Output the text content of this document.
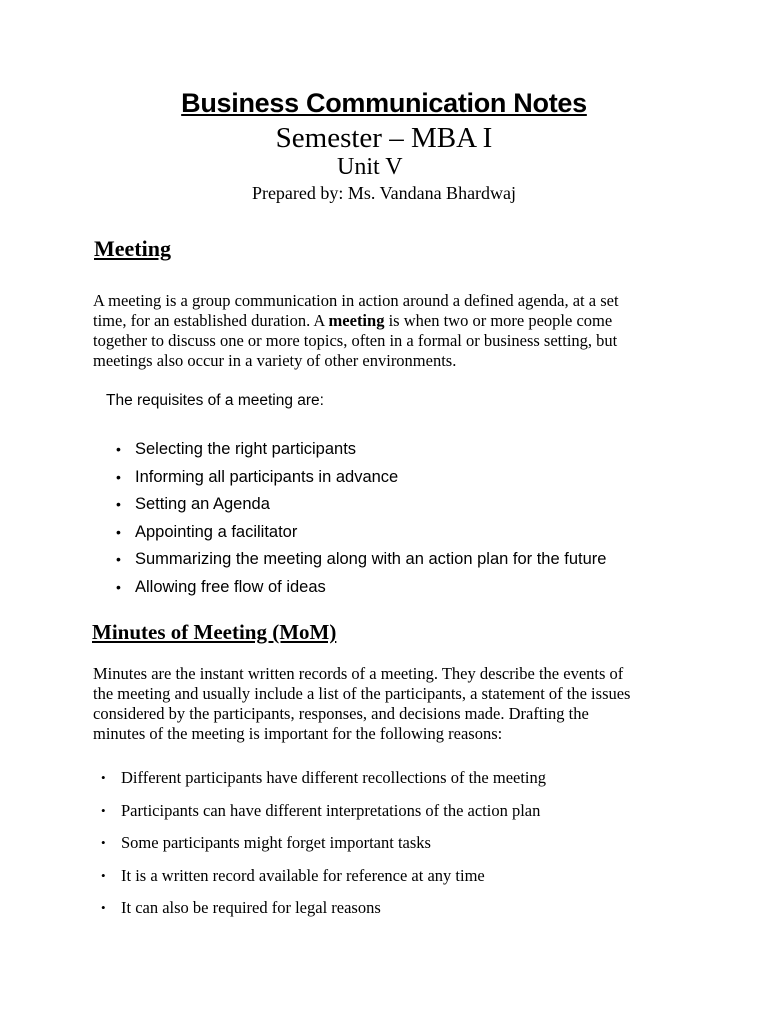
Business Communication Notes
Semester – MBA I
Unit V
Prepared by: Ms. Vandana Bhardwaj
Meeting
A meeting is a group communication in action around a defined agenda, at a set
time, for an established duration. A meeting is when two or more people come
together to discuss one or more topics, often in a formal or business setting, but
meetings also occur in a variety of other environments.
The requisites of a meeting are:
• Selecting the right participants
• Informing all participants in advance
• Setting an Agenda
• Appointing a facilitator
• Summarizing the meeting along with an action plan for the future
• Allowing free flow of ideas
Minutes of Meeting (MoM)
Minutes are the instant written records of a meeting. They describe the events of
the meeting and usually include a list of the participants, a statement of the issues
considered by the participants, responses, and decisions made. Drafting the
minutes of the meeting is important for the following reasons:
• Different participants have different recollections of the meeting
• Participants can have different interpretations of the action plan
• Some participants might forget important tasks
• It is a written record available for reference at any time
• It can also be required for legal reasons
